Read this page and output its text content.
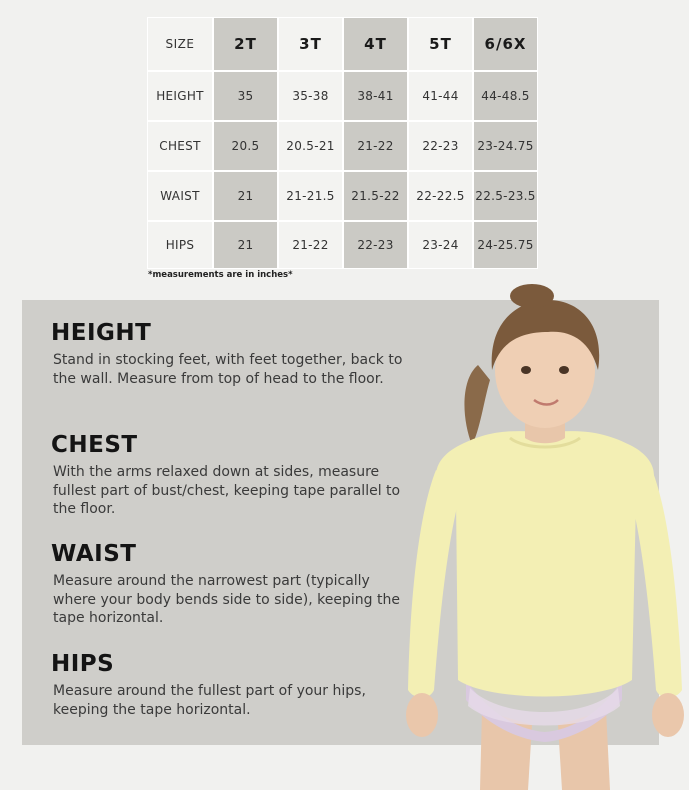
SIZE	2T	3T	4T	5T	6/6X
HEIGHT	35	35-38	38-41	41-44	44-48.5
CHEST	20.5	20.5-21	21-22	22-23	23-24.75
WAIST	21	21-21.5	21.5-22	22-22.5 22.5-23.5
HIPS	21	21-22	22-23	23-24	24-25.75
*measurements are in inches*
HEIGHT

Stand in stocking feet, with feet together, back to the wall. Measure from top of head to the floor.

CHEST

With the arms relaxed down at sides, measure fullest part of bust/chest, keeping tape parallel to the floor.

WAIST

Measure around the narrowest part (typically where your body bends side to side), keeping the tape horizontal.

HIPS

Measure around the fullest part of your hips, keeping the tape horizontal.
